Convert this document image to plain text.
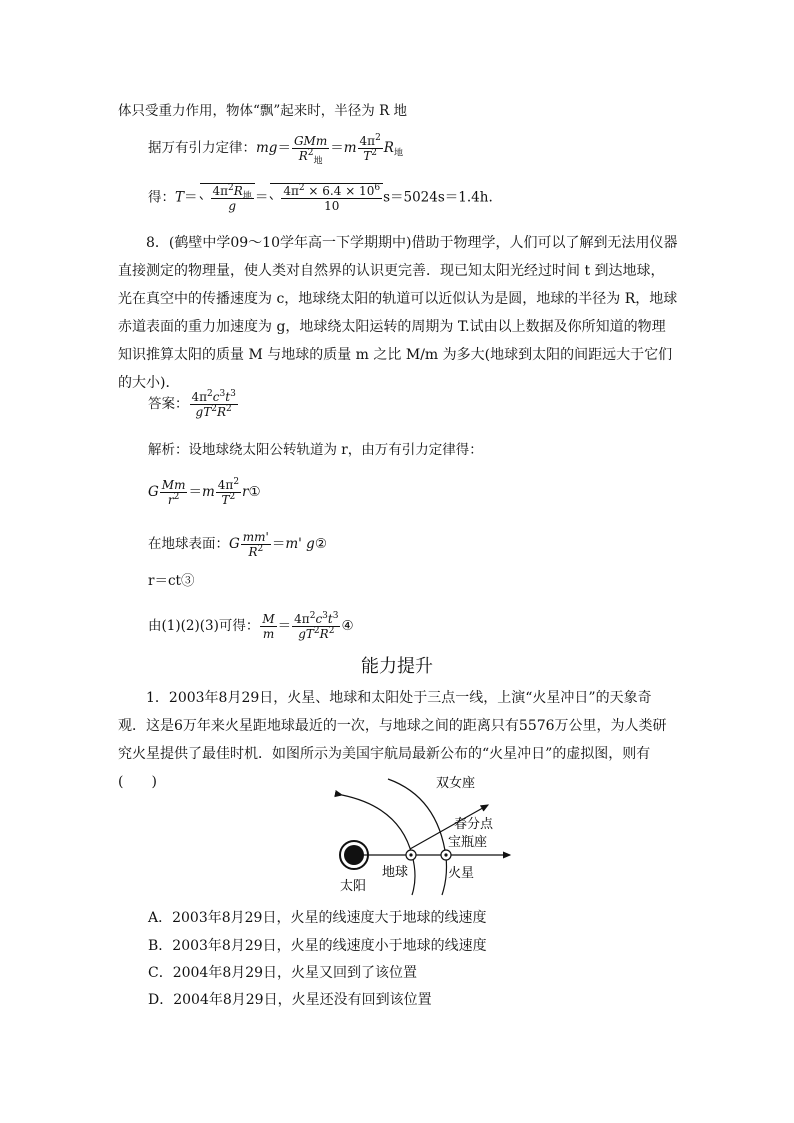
体只受重力作用，物体“飘”起来时，半径为 R 地
据万有引力定律：$mg= \frac{\text{GMm}}{R^2_地} =m \frac{4\pi^2}{T^2} R_地$
得：$T= \frac{4\pi^2R_地}{g} = \frac{4\pi^2 \times 6.4 \times 10^6}{10} s=5024s=1.4h$.
8．(鹤壁中学09～10学年高一下学期期中)借助于物理学，人们可以了解到无法用仪器直接测定的物理量，使人类对自然界的认识更完善．现已知太阳光经过时间 t 到达地球，光在真空中的传播速度为 c，地球绕太阳的轨道可以近似认为是圆，地球的半径为 R，地球赤道表面的重力加速度为 g，地球绕太阳运转的周期为 T.试由以上数据及你所知道的物理知识推算太阳的质量 M 与地球的质量 m 之比 M/m 为多大(地球到太阳的间距远大于它们的大小)．
答案： $\frac{4\pi^2c^3t^3}{gT^2R^2}$
解析：设地球绕太阳公转轨道为 r，由万有引力定律得：
G $\frac{Mm}{r^2} =m \frac{4\pi^2}{T^2}$ r①
在地球表面：G $\frac{mm'}{R^2} =m'$ g②
r＝ct③
由(1)(2)(3)可得： $\frac{M}{m} = \frac{4\pi^2c^3t^3}{gT^2R^2}$ ④
能力提升
1．2003年8月29日，火星、地球和太阳处于三点一线，上演“火星冲日”的天象奇观．这是6万年来火星距地球最近的一次，与地球之间的距离只有5576万公里，为人类研究火星提供了最佳时机．如图所示为美国宇航局最新公布的“火星冲日”的虚拟图，则有(　　)
太阳
地球	火星
宝瓶座
春分点
双女座
A．2003年8月29日，火星的线速度大于地球的线速度
B．2003年8月29日，火星的线速度小于地球的线速度
C．2004年8月29日，火星又回到了该位置
D．2004年8月29日，火星还没有回到该位置
